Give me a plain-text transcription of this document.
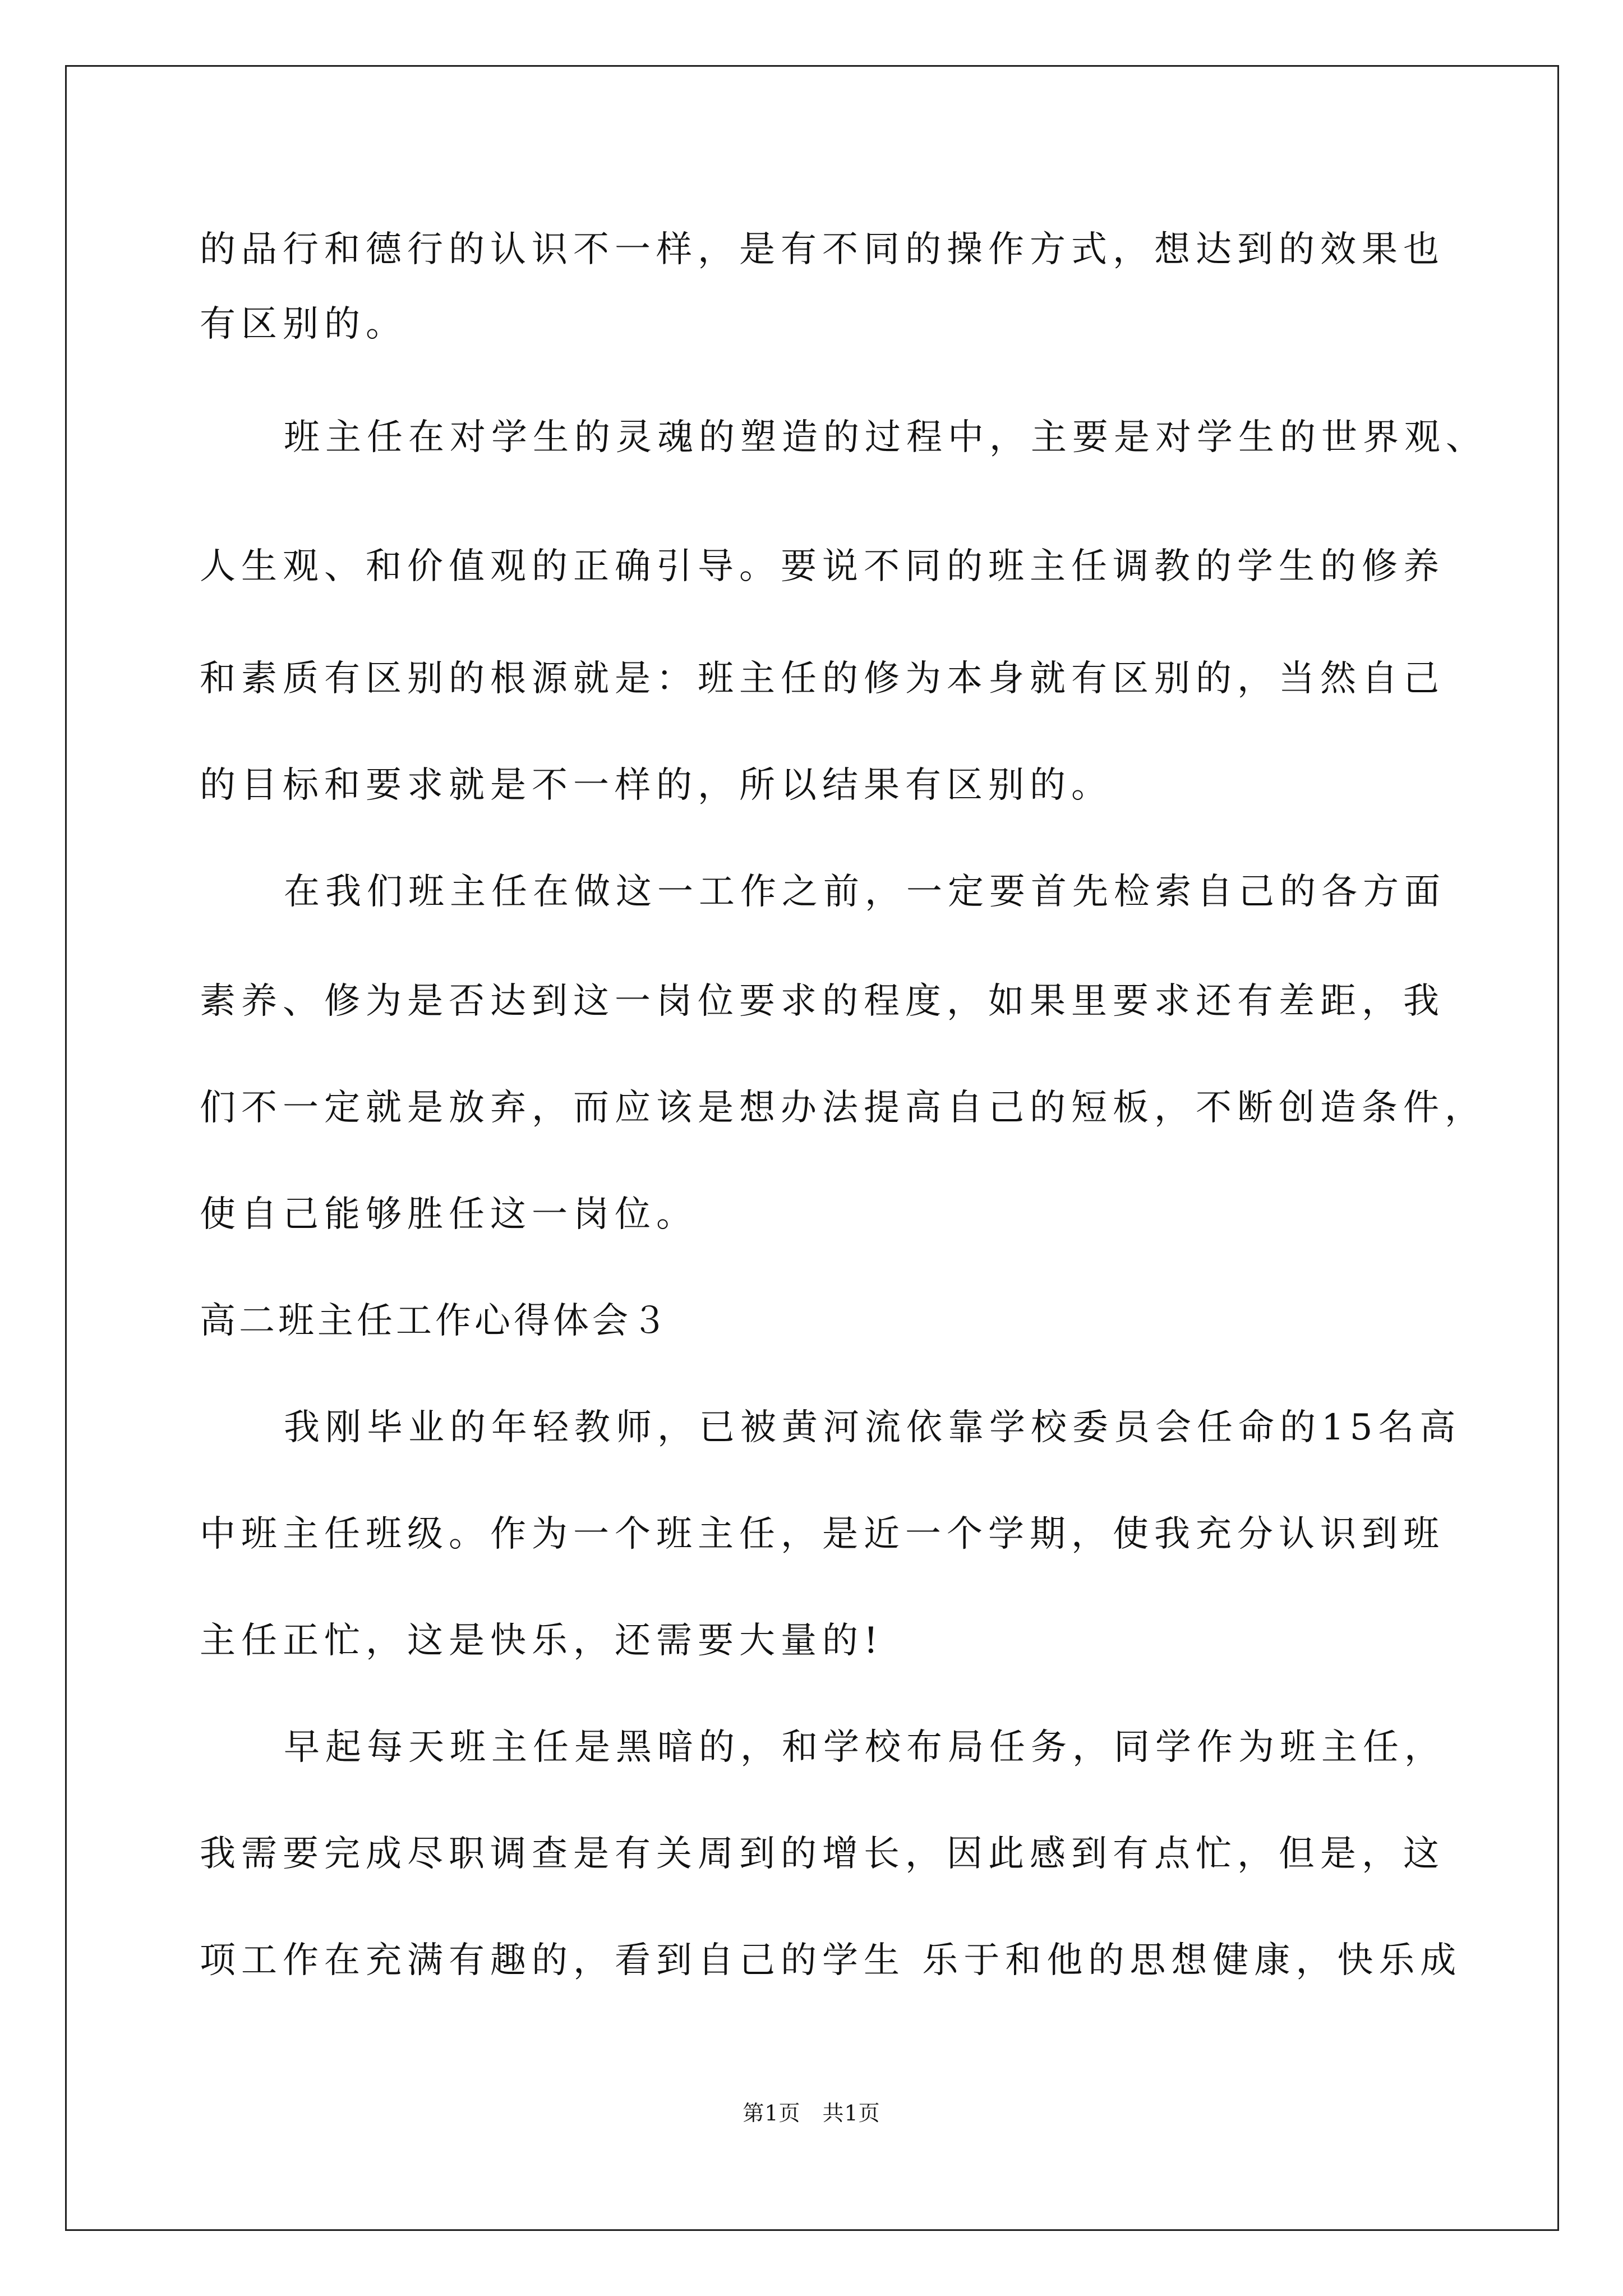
的品行和德行的认识不一样，是有不同的操作方式，想达到的效果也

有区别的。

班主任在对学生的灵魂的塑造的过程中，主要是对学生的世界观、

人生观、和价值观的正确引导。要说不同的班主任调教的学生的修养

和素质有区别的根源就是：班主任的修为本身就有区别的，当然自己

的目标和要求就是不一样的，所以结果有区别的。

在我们班主任在做这一工作之前，一定要首先检索自己的各方面

素养、修为是否达到这一岗位要求的程度，如果里要求还有差距，我

们不一定就是放弃，而应该是想办法提高自己的短板，不断创造条件，

使自己能够胜任这一岗位。

高二班主任工作心得体会３

我刚毕业的年轻教师，已被黄河流依靠学校委员会任命的15名高

中班主任班级。作为一个班主任，是近一个学期，使我充分认识到班

主任正忙，这是快乐，还需要大量的!

早起每天班主任是黑暗的，和学校布局任务，同学作为班主任，

我需要完成尽职调查是有关周到的增长，因此感到有点忙，但是，这

项工作在充满有趣的，看到自己的学生 乐于和他的思想健康，快乐成

第1页　共1页
